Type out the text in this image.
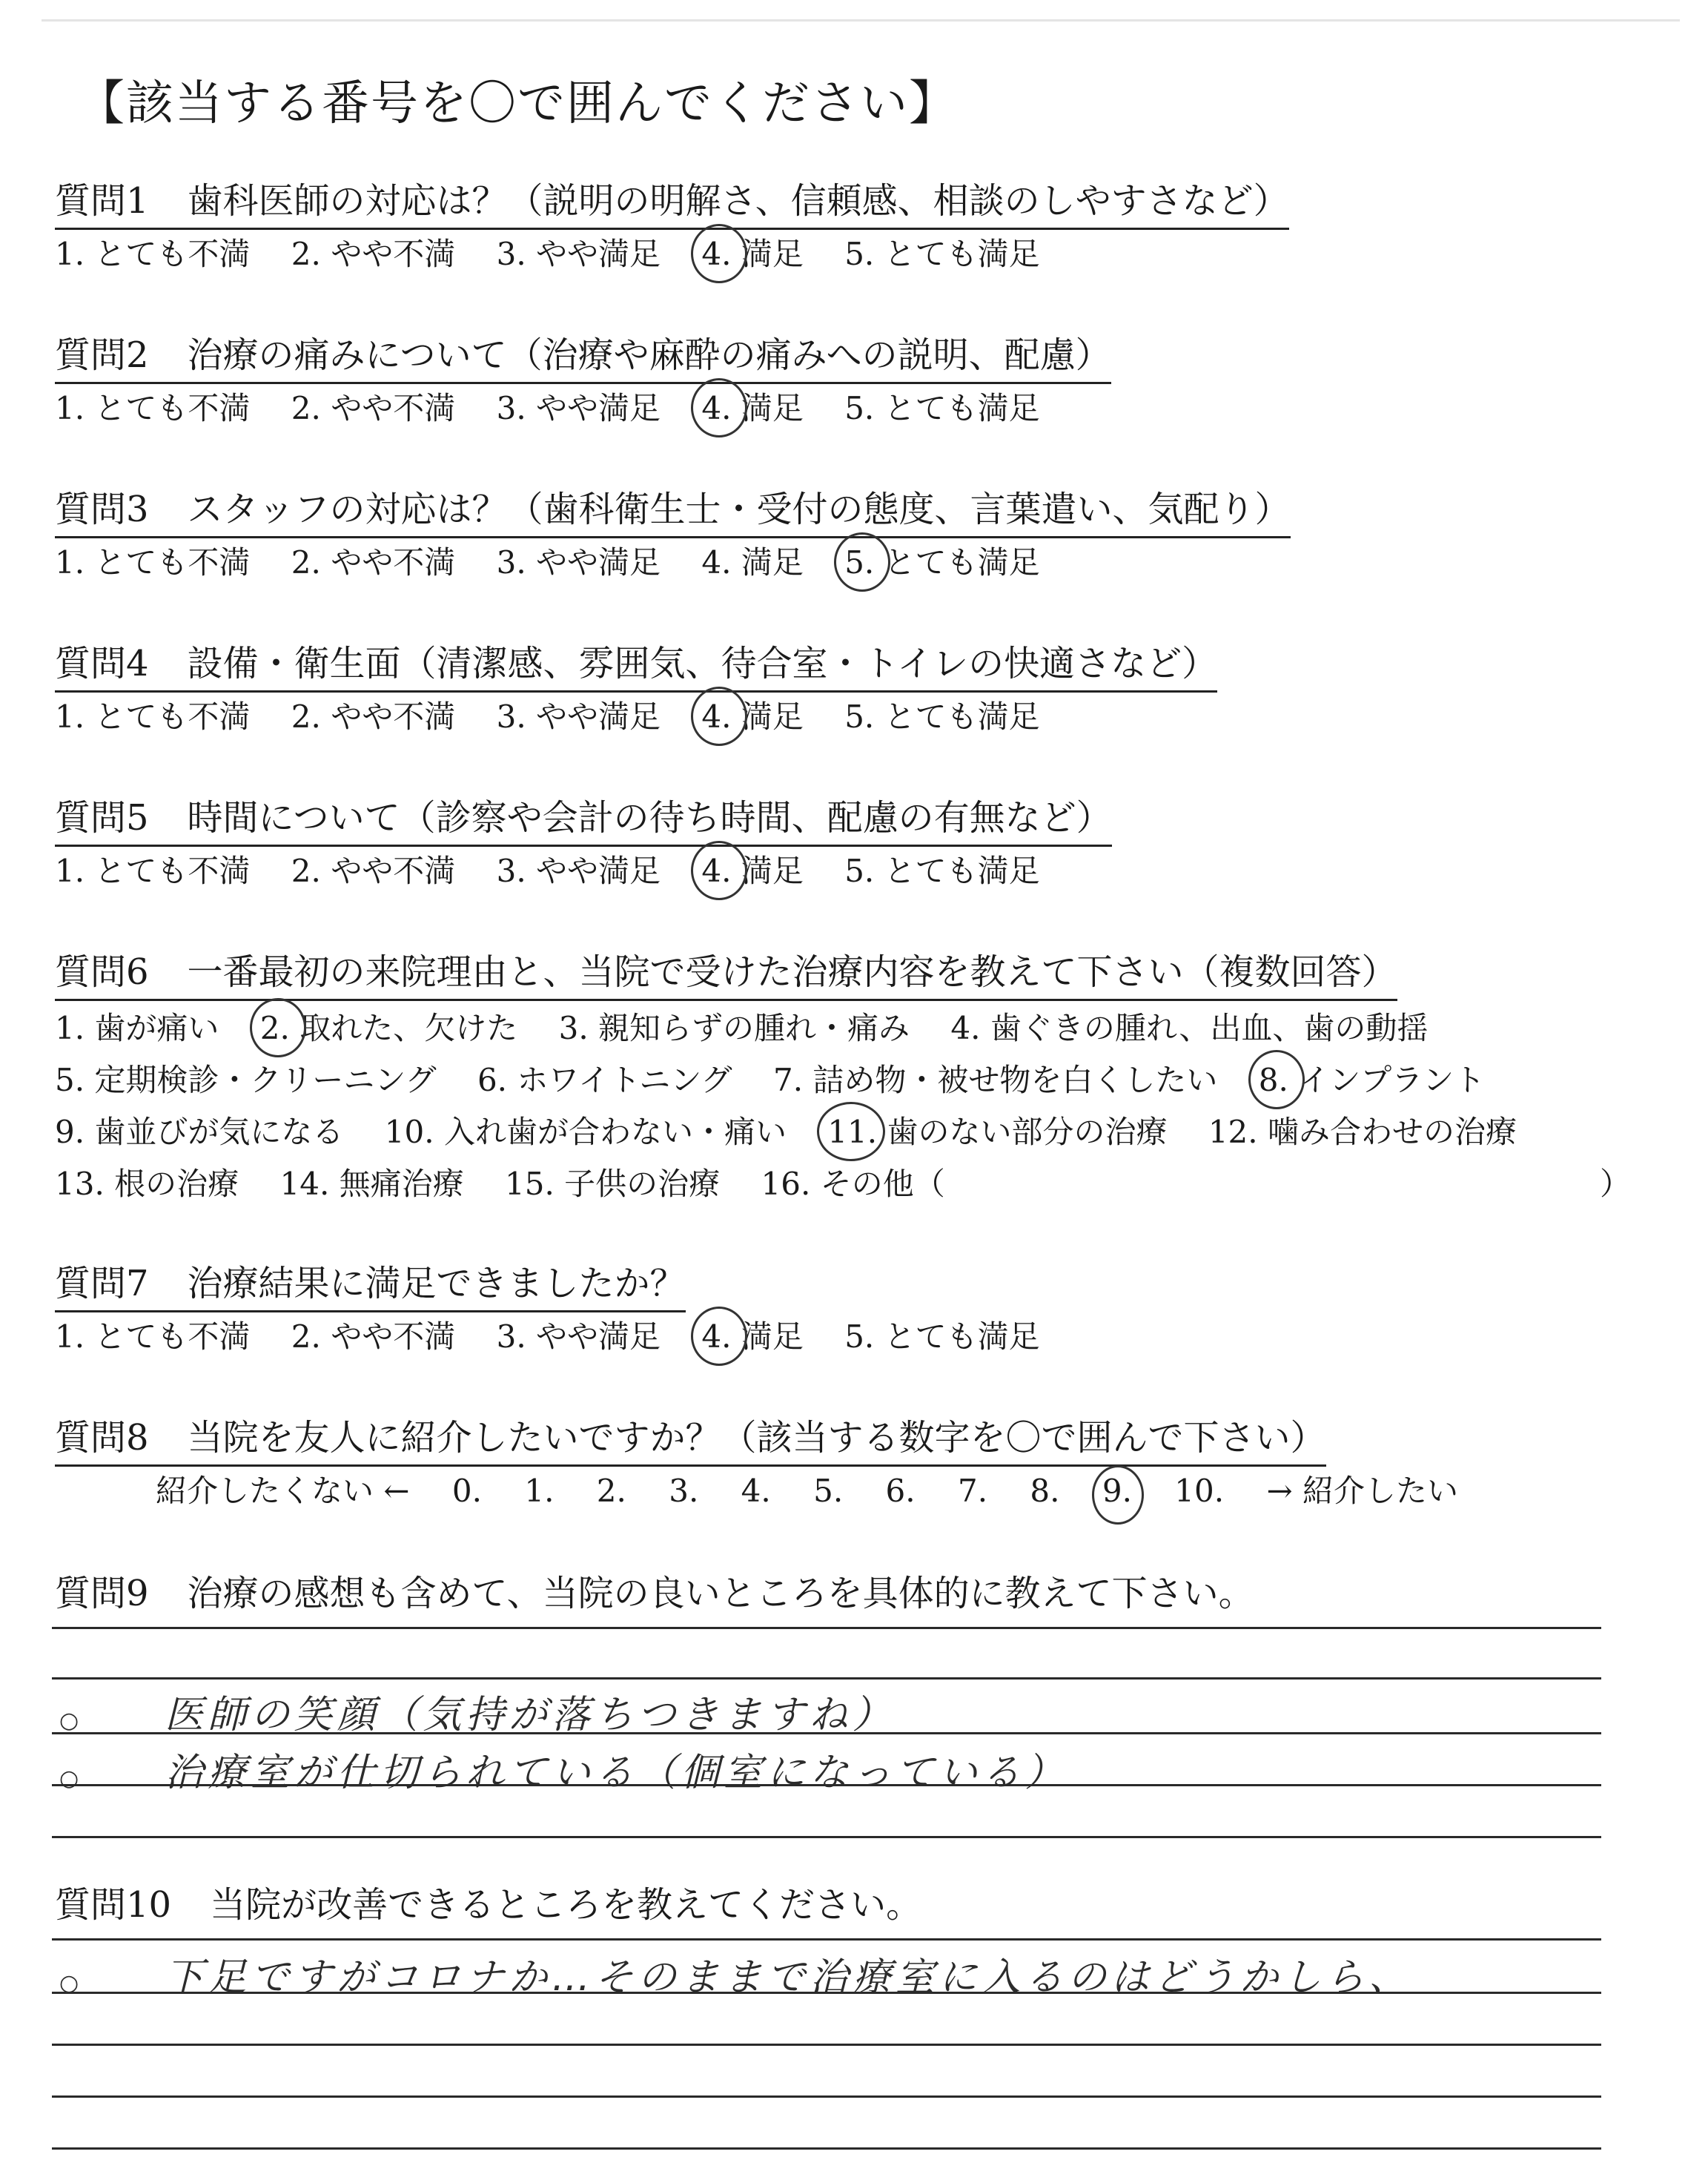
【該当する番号を〇で囲んでください】
質問1 歯科医師の対応は？（説明の明解さ、信頼感、相談のしやすさなど）
1. とても不満 2. やや不満 3. やや満足 4. 満足 5. とても満足
質問2 治療の痛みについて（治療や麻酔の痛みへの説明、配慮）
1. とても不満 2. やや不満 3. やや満足 4. 満足 5. とても満足
質問3 スタッフの対応は？（歯科衛生士・受付の態度、言葉遣い、気配り）
1. とても不満 2. やや不満 3. やや満足 4. 満足 5. とても満足
質問4 設備・衛生面（清潔感、雰囲気、待合室・トイレの快適さなど）
1. とても不満 2. やや不満 3. やや満足 4. 満足 5. とても満足
質問5 時間について（診察や会計の待ち時間、配慮の有無など）
1. とても不満 2. やや不満 3. やや満足 4. 満足 5. とても満足
質問6 一番最初の来院理由と、当院で受けた治療内容を教えて下さい（複数回答）
1. 歯が痛い 2. 取れた、欠けた 3. 親知らずの腫れ・痛み 4. 歯ぐきの腫れ、出血、歯の動揺
5. 定期検診・クリーニング 6. ホワイトニング 7. 詰め物・被せ物を白くしたい 8. インプラント
9. 歯並びが気になる 10. 入れ歯が合わない・痛い 11. 歯のない部分の治療 12. 噛み合わせの治療
13. 根の治療 14. 無痛治療 15. 子供の治療 16. その他（	）
質問7 治療結果に満足できましたか？
1. とても不満 2. やや不満 3. やや満足 4. 満足 5. とても満足
質問8 当院を友人に紹介したいですか？（該当する数字を〇で囲んで下さい）
紹介したくない ← 0. 1. 2. 3. 4. 5. 6. 7. 8. 9. 10. → 紹介したい
質問9 治療の感想も含めて、当院の良いところを具体的に教えて下さい。
○ 医師の笑顔（気持が落ちつきますね）
○ 治療室が仕切られている（個室になっている）
質問10 当院が改善できるところを教えてください。
○ 下足ですがコロナか…そのままで治療室に入るのはどうかしら、
